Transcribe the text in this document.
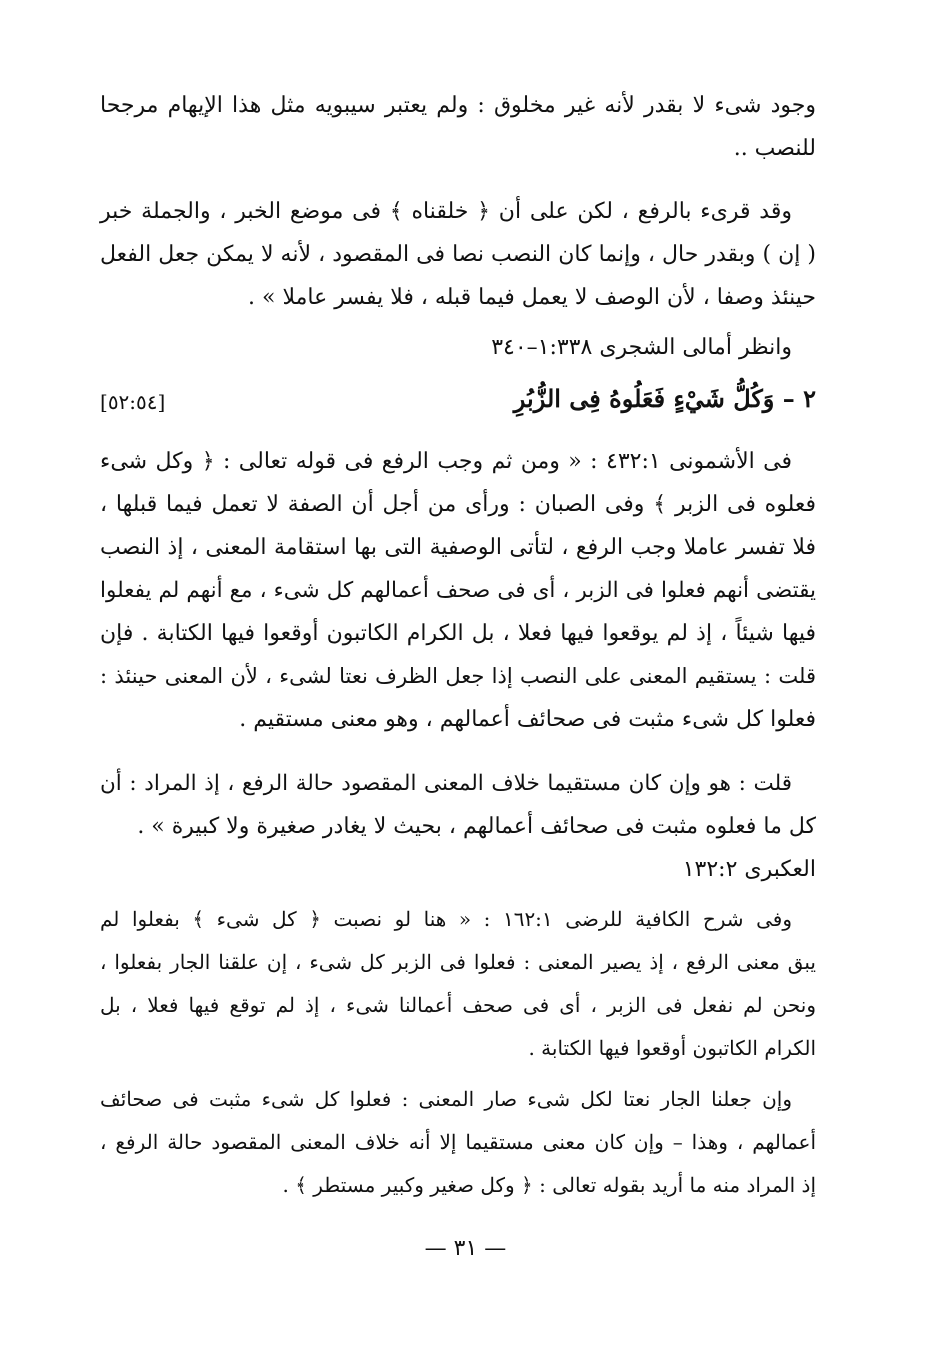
وجود شىء لا بقدر لأنه غير مخلوق : ولم يعتبر سيبويه مثل هذا الإيهام مرجحا
للنصب ..

وقد قرىء بالرفع ، لكن على أن ﴿ خلقناه ﴾ فى موضع الخبر ، والجملة خبر
( إن ) وبقدر حال ، وإنما كان النصب نصا فى المقصود ، لأنه لا يمكن جعل الفعل
حينئذ وصفا ، لأن الوصف لا يعمل فيما قبله ، فلا يفسر عاملا » .

وانظر أمالى الشجرى ١:٣٣٨–٣٤٠

٢ – وَكُلُّ شَيْءٍ فَعَلُوهُ فِى الزُّبُرِ
[٥٢:٥٤]

فى الأشمونى ٤٣٢:١ : « ومن ثم وجب الرفع فى قوله تعالى : ﴿ وكل شىء
فعلوه فى الزبر ﴾ وفى الصبان : ورأى من أجل أن الصفة لا تعمل فيما قبلها ،
فلا تفسر عاملا وجب الرفع ، لتأتى الوصفية التى بها استقامة المعنى ، إذ النصب
يقتضى أنهم فعلوا فى الزبر ، أى فى صحف أعمالهم كل شىء ، مع أنهم لم يفعلوا
فيها شيئاً ، إذ لم يوقعوا فيها فعلا ، بل الكرام الكاتبون أوقعوا فيها الكتابة . فإن
قلت : يستقيم المعنى على النصب إذا جعل الظرف نعتا لشىء ، لأن المعنى حينئذ :
فعلوا كل شىء مثبت فى صحائف أعمالهم ، وهو معنى مستقيم .

قلت : هو وإن كان مستقيما خلاف المعنى المقصود حالة الرفع ، إذ المراد : أن
كل ما فعلوه مثبت فى صحائف أعمالهم ، بحيث لا يغادر صغيرة ولا كبيرة » .
العكبرى ١٣٢:٢

وفى شرح الكافية للرضى ١٦٢:١ : « هنا لو نصبت ﴿ كل شىء ﴾ بفعلوا لم
يبق معنى الرفع ، إذ يصير المعنى : فعلوا فى الزبر كل شىء ، إن علقنا الجار بفعلوا ،
ونحن لم نفعل فى الزبر ، أى فى صحف أعمالنا شىء ، إذ لم توقع فيها فعلا ، بل
الكرام الكاتبون أوقعوا فيها الكتابة .

وإن جعلنا الجار نعتا لكل شىء صار المعنى : فعلوا كل شىء مثبت فى صحائف
أعمالهم ، وهذا – وإن كان معنى مستقيما إلا أنه خلاف المعنى المقصود حالة الرفع ،
إذ المراد منه ما أريد بقوله تعالى : ﴿ وكل صغير وكبير مستطر ﴾ .

— ٣١ —
